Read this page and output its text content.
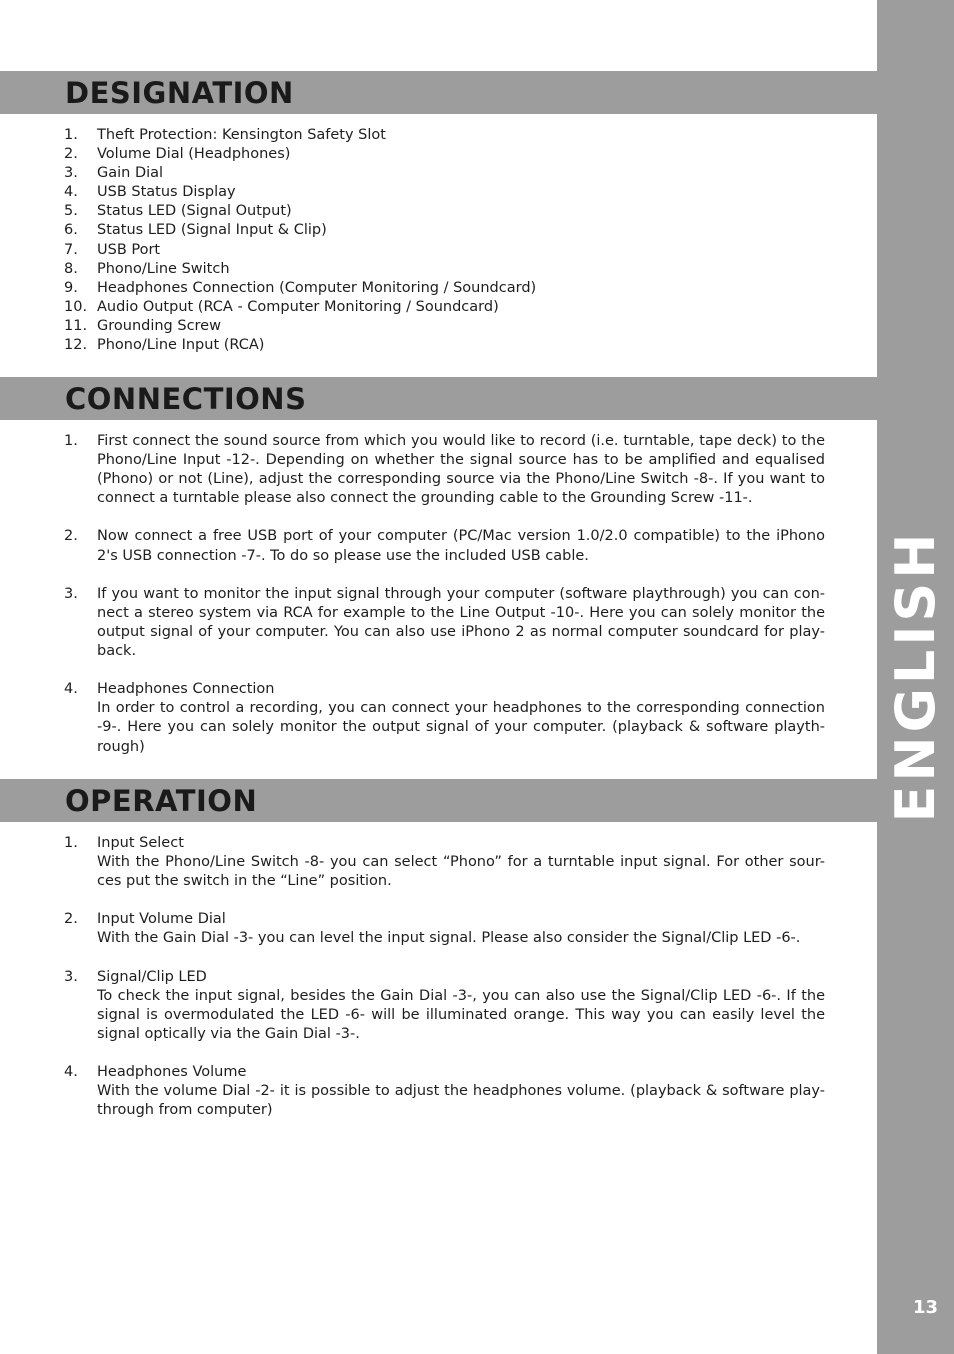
ENGLISH
13
DESIGNATION
1. Theft Protection: Kensington Safety Slot
2. Volume Dial (Headphones)
3. Gain Dial
4. USB Status Display
5. Status LED (Signal Output)
6. Status LED (Signal Input & Clip)
7. USB Port
8. Phono/Line Switch
9. Headphones Connection (Computer Monitoring / Soundcard)
10. Audio Output (RCA - Computer Monitoring / Soundcard)
11. Grounding Screw
12. Phono/Line Input (RCA)
CONNECTIONS
1. First connect the sound source from which you would like to record (i.e. turntable, tape deck) to the Phono/Line Input -12-. Depending on whether the signal source has to be amplified and equalised (Phono) or not (Line), adjust the corresponding source via the Phono/Line Switch -8-. If you want to connect a turntable please also connect the grounding cable to the Grounding Screw -11-.
2. Now connect a free USB port of your computer (PC/Mac version 1.0/2.0 compatible) to the iPhono 2's USB connection -7-. To do so please use the included USB cable.
3. If you want to monitor the input signal through your computer (software playthrough) you can con-nect a stereo system via RCA for example to the Line Output -10-. Here you can solely monitor the output signal of your computer. You can also use iPhono 2 as normal computer soundcard for play-back.
4. Headphones Connection
In order to control a recording, you can connect your headphones to the corresponding connection -9-. Here you can solely monitor the output signal of your computer. (playback & software playth-rough)
OPERATION
1. Input Select
With the Phono/Line Switch -8- you can select “Phono” for a turntable input signal. For other sour-ces put the switch in the “Line” position.
2. Input Volume Dial
With the Gain Dial -3- you can level the input signal. Please also consider the Signal/Clip LED -6-.
3. Signal/Clip LED
To check the input signal, besides the Gain Dial -3-, you can also use the Signal/Clip LED -6-. If the signal is overmodulated the LED -6- will be illuminated orange. This way you can easily level the signal optically via the Gain Dial -3-.
4. Headphones Volume
With the volume Dial -2- it is possible to adjust the headphones volume. (playback & software play-through from computer)
